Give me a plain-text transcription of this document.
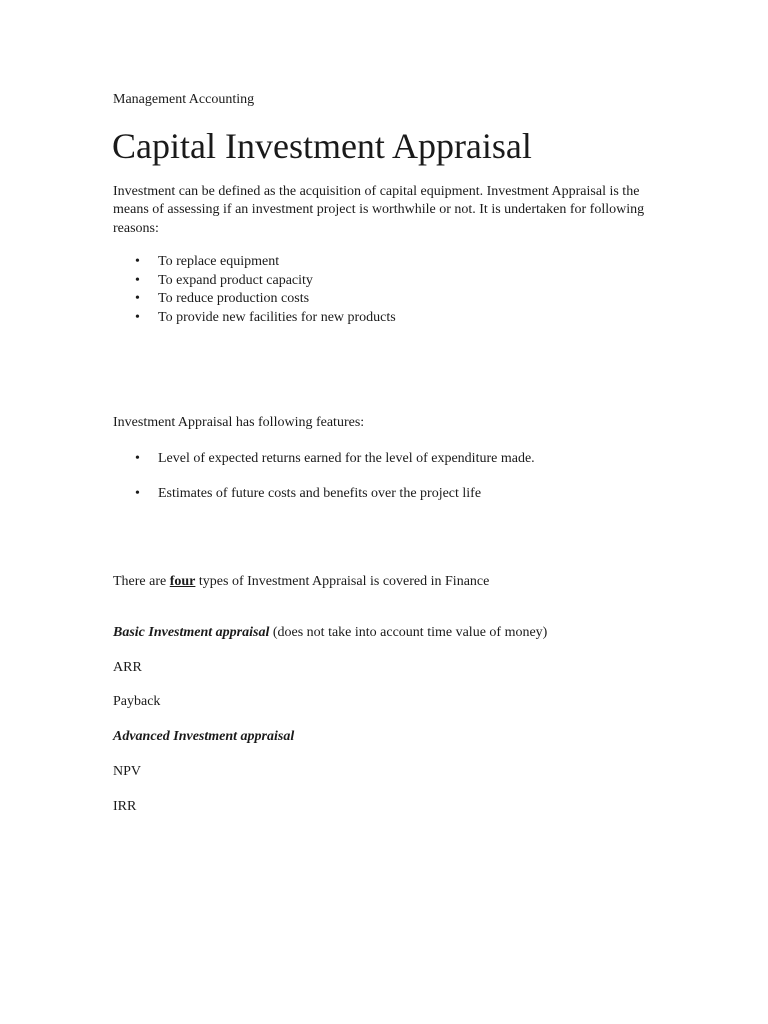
Management Accounting
Capital Investment Appraisal

Investment can be defined as the acquisition of capital equipment. Investment Appraisal is the means of assessing if an investment project is worthwhile or not. It is undertaken for following reasons:

• To replace equipment
• To expand product capacity
• To reduce production costs
• To provide new facilities for new products
Investment Appraisal has following features:
• Level of expected returns earned for the level of expenditure made.
• Estimates of future costs and benefits over the project life
There are four types of Investment Appraisal is covered in Finance
Basic Investment appraisal (does not take into account time value of money)
ARR
Payback
Advanced Investment appraisal
NPV
IRR
